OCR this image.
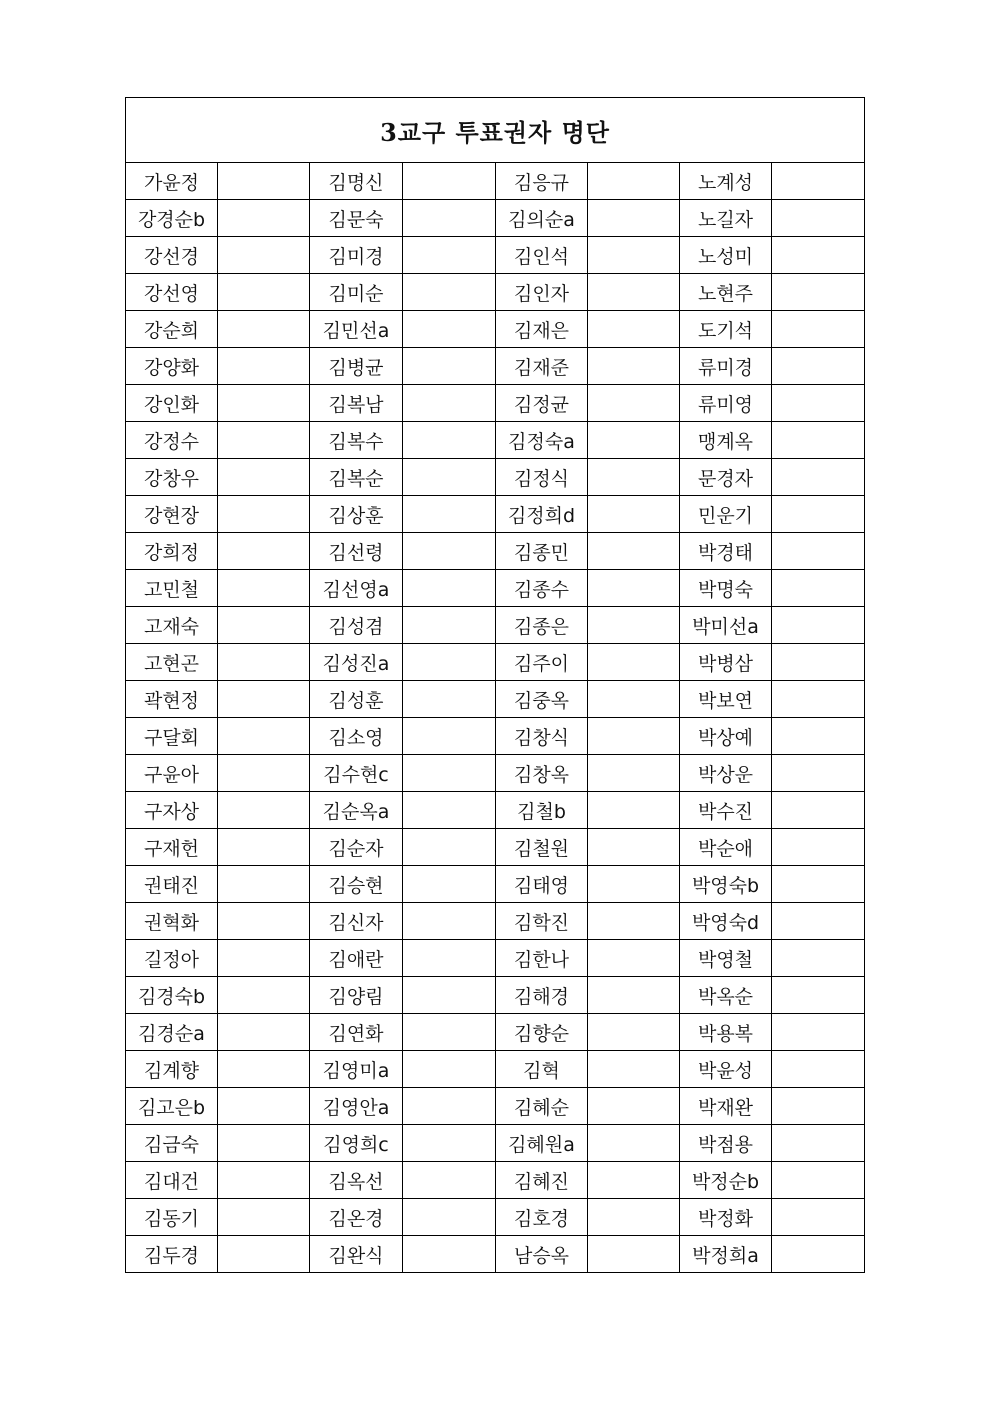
3교구 투표권자 명단							
가윤정		김명신		김응규		노계성	
강경순b		김문숙		김의순a		노길자	
강선경		김미경		김인석		노성미	
강선영		김미순		김인자		노현주	
강순희		김민선a		김재은		도기석	
강양화		김병균		김재준		류미경	
강인화		김복남		김정균		류미영	
강정수		김복수		김정숙a		맹계옥	
강창우		김복순		김정식		문경자	
강현장		김상훈		김정희d		민운기	
강희정		김선령		김종민		박경태	
고민철		김선영a		김종수		박명숙	
고재숙		김성겸		김종은		박미선a	
고현곤		김성진a		김주이		박병삼	
곽현정		김성훈		김중옥		박보연	
구달회		김소영		김창식		박상예	
구윤아		김수현c		김창옥		박상운	
구자상		김순옥a		김철b		박수진	
구재헌		김순자		김철원		박순애	
권태진		김승현		김태영		박영숙b	
권혁화		김신자		김학진		박영숙d	
길정아		김애란		김한나		박영철	
김경숙b		김양림		김해경		박옥순	
김경순a		김연화		김향순		박용복	
김계향		김영미a		김혁		박윤성	
김고은b		김영안a		김혜순		박재완	
김금숙		김영희c		김혜원a		박점용	
김대건		김옥선		김혜진		박정순b	
김동기		김온경		김호경		박정화	
김두경		김완식		남승옥		박정희a	
